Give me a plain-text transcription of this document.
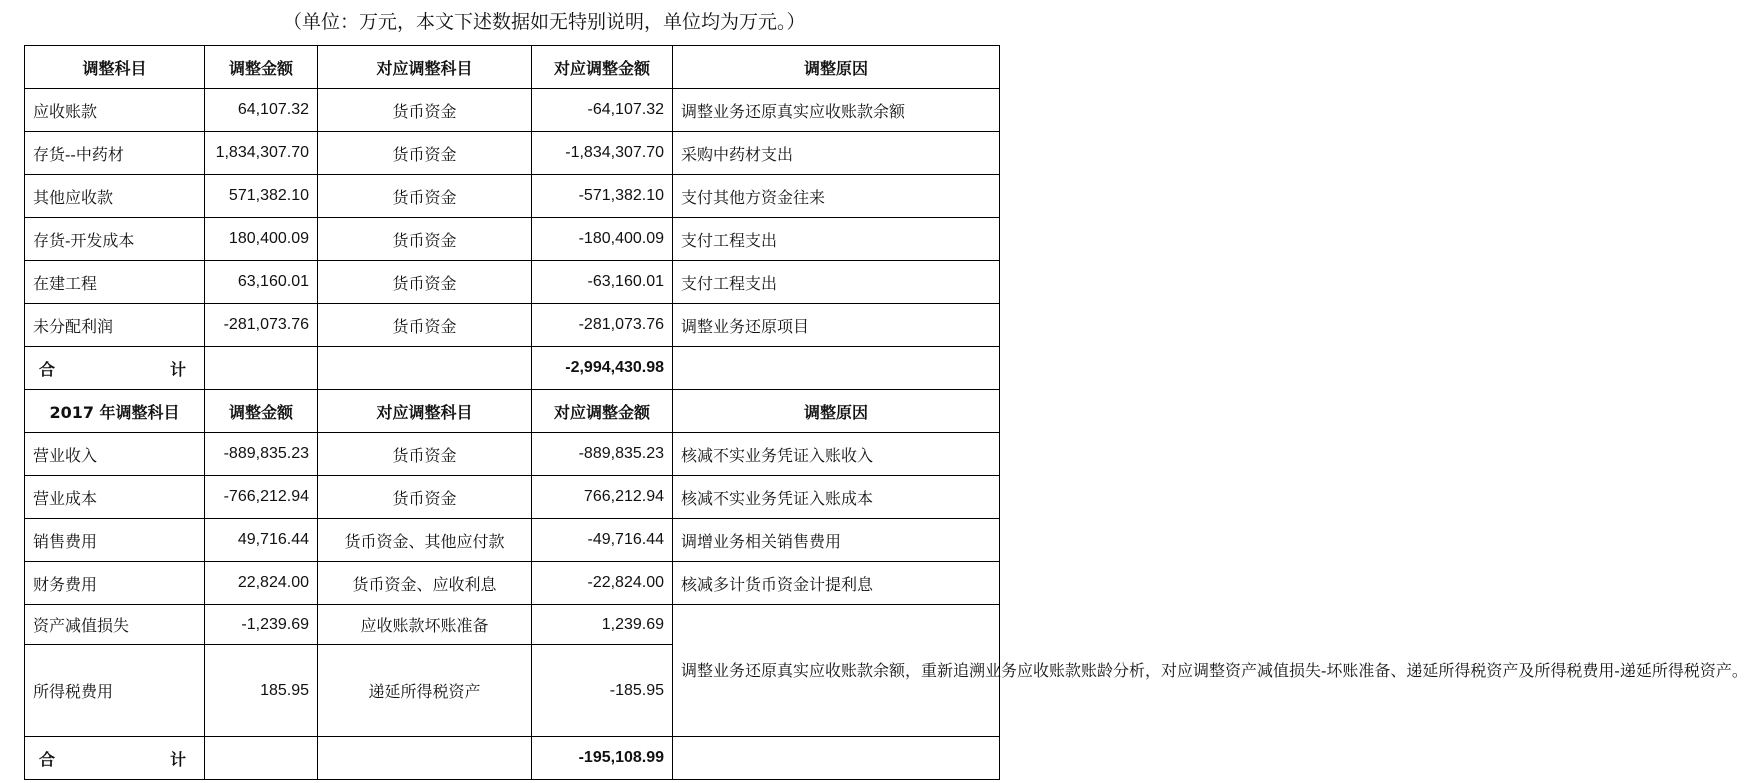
（单位：万元，本文下述数据如无特别说明，单位均为万元。）
调整科目	调整金额	对应调整科目	对应调整金额	调整原因
应收账款	64,107.32	货币资金	-64,107.32	调整业务还原真实应收账款余额
存货--中药材	1,834,307.70	货币资金	-1,834,307.70	采购中药材支出
其他应收款	571,382.10	货币资金	-571,382.10	支付其他方资金往来
存货-开发成本	180,400.09	货币资金	-180,400.09	支付工程支出
在建工程	63,160.01	货币资金	-63,160.01	支付工程支出
未分配利润	-281,073.76	货币资金	-281,073.76	调整业务还原项目

合 计			-2,994,430.98	
2017 年调整科目	调整金额	对应调整科目	对应调整金额	调整原因
营业收入	-889,835.23	货币资金	-889,835.23	核减不实业务凭证入账收入
营业成本	-766,212.94	货币资金	766,212.94	核减不实业务凭证入账成本
销售费用	49,716.44	货币资金、其他应付款	-49,716.44	调增业务相关销售费用
财务费用	22,824.00	货币资金、应收利息	-22,824.00	核减多计货币资金计提利息
资产减值损失	-1,239.69	应收账款坏账准备	1,239.69	调整业务还原真实应收账款余额，重新追溯业务应收账款账龄分析，对应调整资产减值损失-坏账准备、递延所得税资产及所得税费用-递延所得税资产。
所得税费用	185.95	递延所得税资产	-185.95	

合 计			-195,108.99	
